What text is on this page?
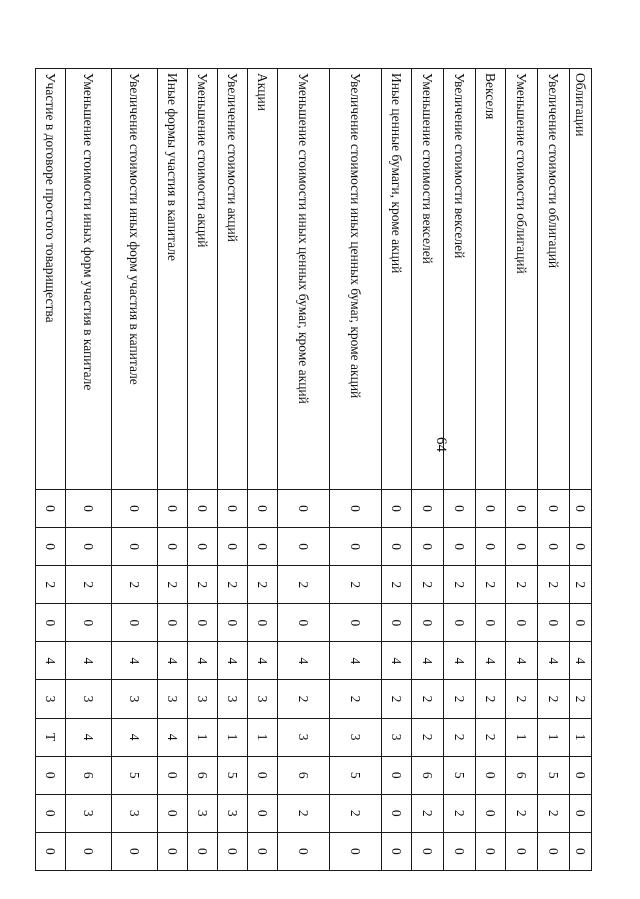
64
Облигации	0	0	2	0	4	2	1	0	0	0
Увеличение стоимости облигаций	0	0	2	0	4	2	1	5	2	0
Уменьшение стоимости облигаций	0	0	2	0	4	2	1	6	2	0
Векселя	0	0	2	0	4	2	2	0	0	0
Увеличение стоимости векселей	0	0	2	0	4	2	2	5	2	0
Уменьшение стоимости векселей	0	0	2	0	4	2	2	6	2	0
Иные ценные бумаги, кроме акций	0	0	2	0	4	2	3	0	0	0
Увеличение стоимости иных ценных бумаг, кроме акций	0	0	2	0	4	2	3	5	2	0
Уменьшение стоимости иных ценных бумаг, кроме акций	0	0	2	0	4	2	3	6	2	0
Акции	0	0	2	0	4	3	1	0	0	0
Увеличение стоимости акций	0	0	2	0	4	3	1	5	3	0
Уменьшение стоимости акций	0	0	2	0	4	3	1	6	3	0
Иные формы участия в капитале	0	0	2	0	4	3	4	0	0	0
Увеличение стоимости иных форм участия в капитале	0	0	2	0	4	3	4	5	3	0
Уменьшение стоимости иных форм участия в капитале	0	0	2	0	4	3	4	6	3	0
Участие в договоре простого товарищества	0	0	2	0	4	3	Т	0	0	0
